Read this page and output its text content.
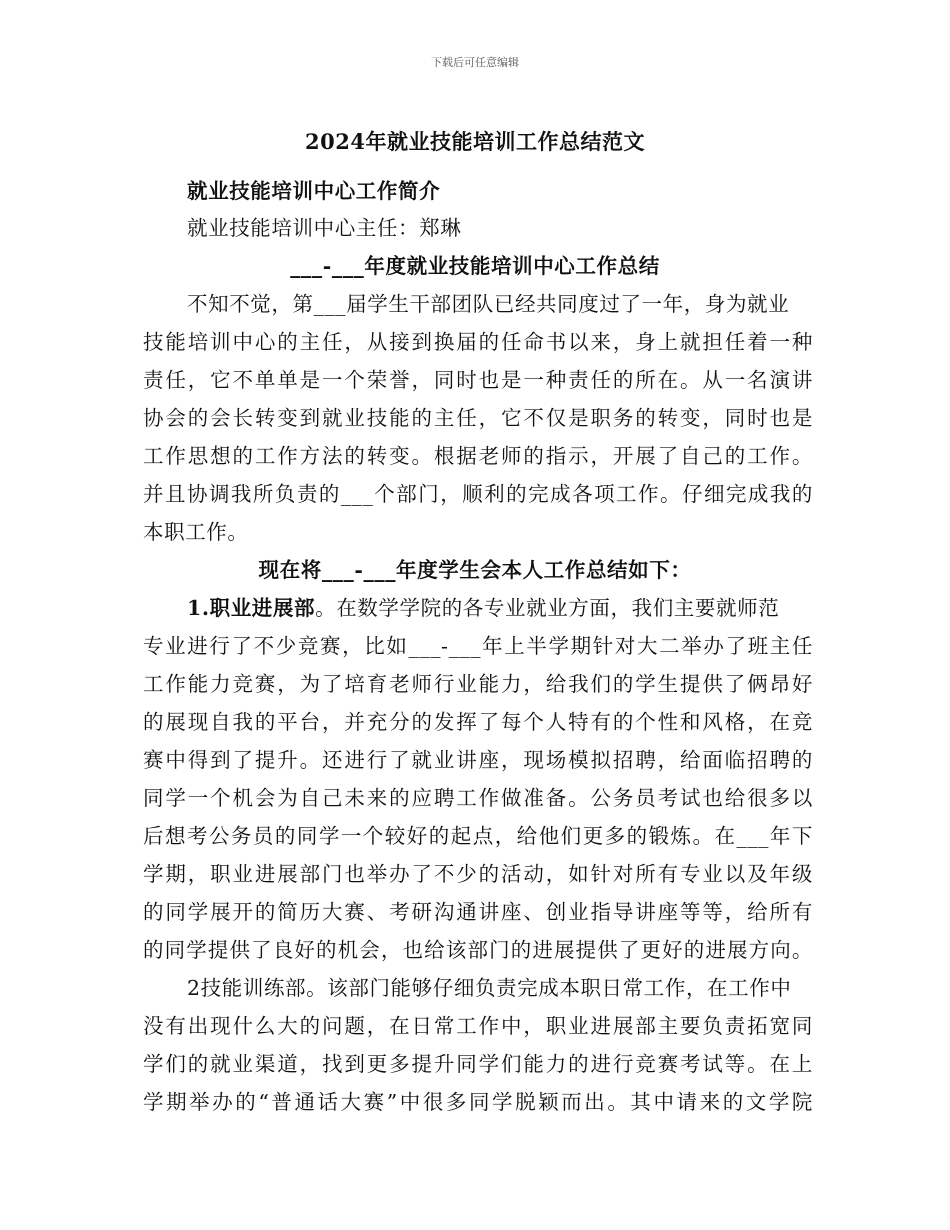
下载后可任意编辑
2024年就业技能培训工作总结范文
就业技能培训中心工作简介
就业技能培训中心主任：郑琳
___-___年度就业技能培训中心工作总结
不知不觉，第___届学生干部团队已经共同度过了一年，身为就业
技能培训中心的主任，从接到换届的任命书以来，身上就担任着一种
责任，它不单单是一个荣誉，同时也是一种责任的所在。从一名演讲
协会的会长转变到就业技能的主任，它不仅是职务的转变，同时也是
工作思想的工作方法的转变。根据老师的指示，开展了自己的工作。
并且协调我所负责的___个部门，顺利的完成各项工作。仔细完成我的
本职工作。
现在将___-___年度学生会本人工作总结如下：
1.职业进展部。在数学学院的各专业就业方面，我们主要就师范
专业进行了不少竞赛，比如___-___年上半学期针对大二举办了班主任
工作能力竞赛，为了培育老师行业能力，给我们的学生提供了俩昂好
的展现自我的平台，并充分的发挥了每个人特有的个性和风格，在竞
赛中得到了提升。还进行了就业讲座，现场模拟招聘，给面临招聘的
同学一个机会为自己未来的应聘工作做准备。公务员考试也给很多以
后想考公务员的同学一个较好的起点，给他们更多的锻炼。在___年下
学期，职业进展部门也举办了不少的活动，如针对所有专业以及年级
的同学展开的简历大赛、考研沟通讲座、创业指导讲座等等，给所有
的同学提供了良好的机会，也给该部门的进展提供了更好的进展方向。
2技能训练部。该部门能够仔细负责完成本职日常工作，在工作中
没有出现什么大的问题，在日常工作中，职业进展部主要负责拓宽同
学们的就业渠道，找到更多提升同学们能力的进行竞赛考试等。在上
学期举办的“普通话大赛”中很多同学脱颖而出。其中请来的文学院
